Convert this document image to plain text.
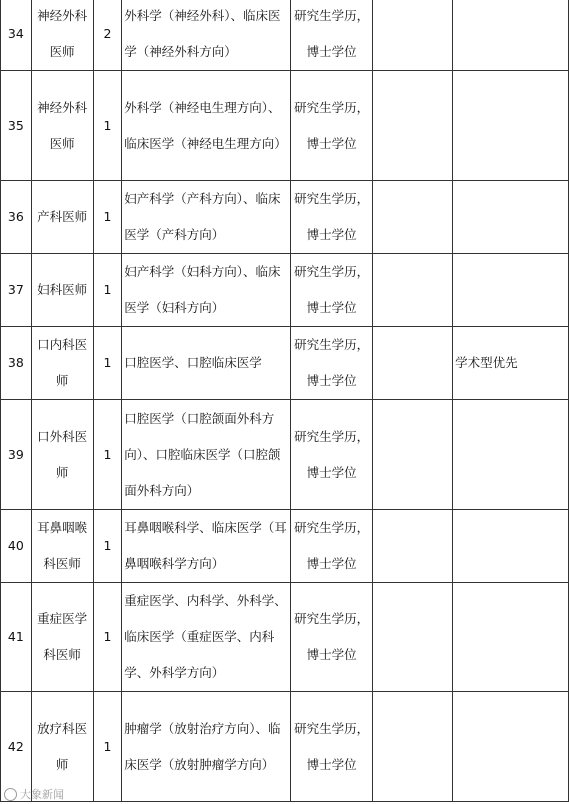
34	神经外科医师	2	外科学（神经外科）、临床医学（神经外科方向）	研究生学历，博士学位		
35	神经外科医师	1	外科学（神经电生理方向）、临床医学（神经电生理方向）	研究生学历，博士学位		
36	产科医师	1	妇产科学（产科方向）、临床医学（产科方向）	研究生学历，博士学位		
37	妇科医师	1	妇产科学（妇科方向）、临床医学（妇科方向）	研究生学历，博士学位		
38	口内科医师	1	口腔医学、口腔临床医学	研究生学历，博士学位		学术型优先
39	口外科医师	1	口腔医学（口腔颌面外科方向）、口腔临床医学（口腔颌面外科方向）	研究生学历，博士学位		
40	耳鼻咽喉科医师	1	耳鼻咽喉科学、临床医学（耳鼻咽喉科学方向）	研究生学历，博士学位		
41	重症医学科医师	1	重症医学、内科学、外科学、临床医学（重症医学、内科学、外科学方向）	研究生学历，博士学位		
42	放疗科医师	1	肿瘤学（放射治疗方向）、临床医学（放射肿瘤学方向）	研究生学历，博士学位		
大象新闻
